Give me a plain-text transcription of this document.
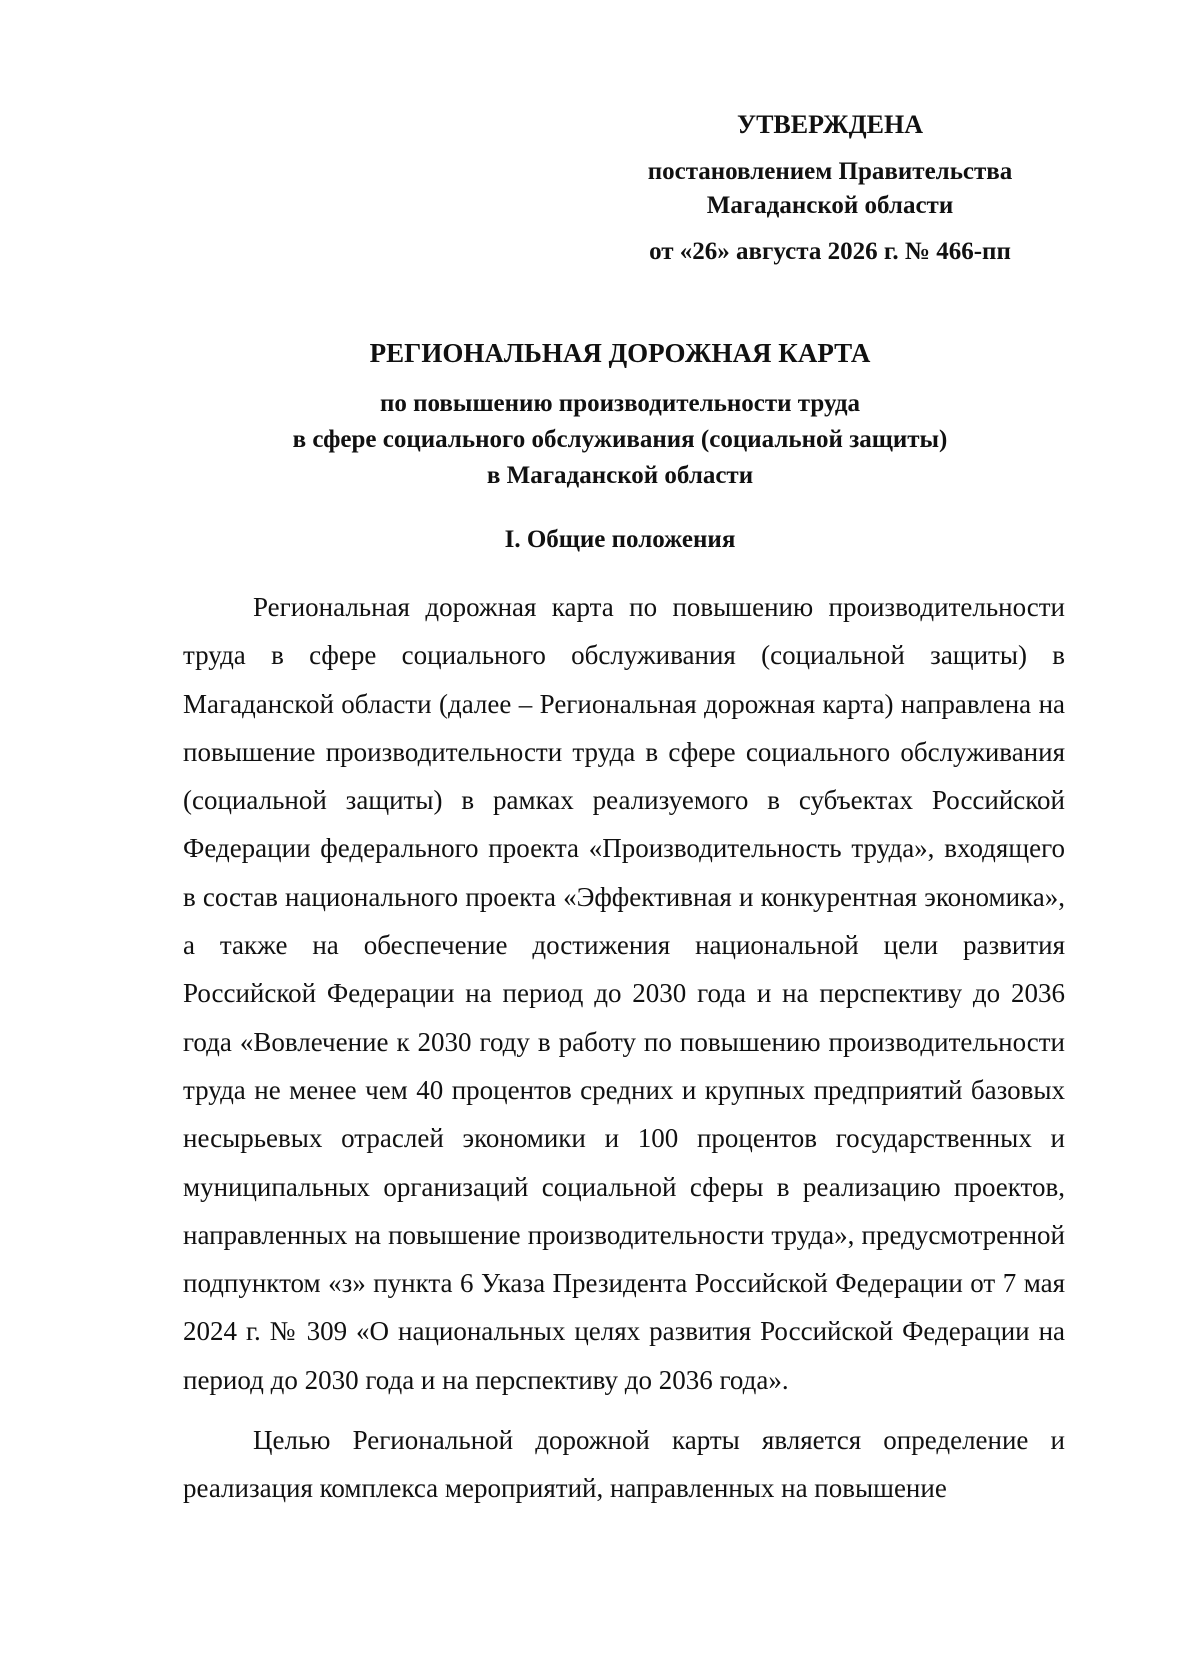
УТВЕРЖДЕНА
постановлением Правительства
Магаданской области
от «26» августа 2026 г. № 466-пп
РЕГИОНАЛЬНАЯ ДОРОЖНАЯ КАРТА
по повышению производительности труда
в сфере социального обслуживания (социальной защиты)
в Магаданской области
I. Общие положения

Региональная дорожная карта по повышению производительности труда в сфере социального обслуживания (социальной защиты) в Магаданской области (далее – Региональная дорожная карта) направлена на повышение производительности труда в сфере социального обслуживания (социальной защиты) в рамках реализуемого в субъектах Российской Федерации федерального проекта «Производительность труда», входящего в состав национального проекта «Эффективная и конкурентная экономика», а также на обеспечение достижения национальной цели развития Российской Федерации на период до 2030 года и на перспективу до 2036 года «Вовлечение к 2030 году в работу по повышению производительности труда не менее чем 40 процентов средних и крупных предприятий базовых несырьевых отраслей экономики и 100 процентов государственных и муниципальных организаций социальной сферы в реализацию проектов, направленных на повышение производительности труда», предусмотренной подпунктом «з» пункта 6 Указа Президента Российской Федерации от 7 мая 2024 г. № 309 «О национальных целях развития Российской Федерации на период до 2030 года и на перспективу до 2036 года».

Целью Региональной дорожной карты является определение и реализация комплекса мероприятий, направленных на повышение
